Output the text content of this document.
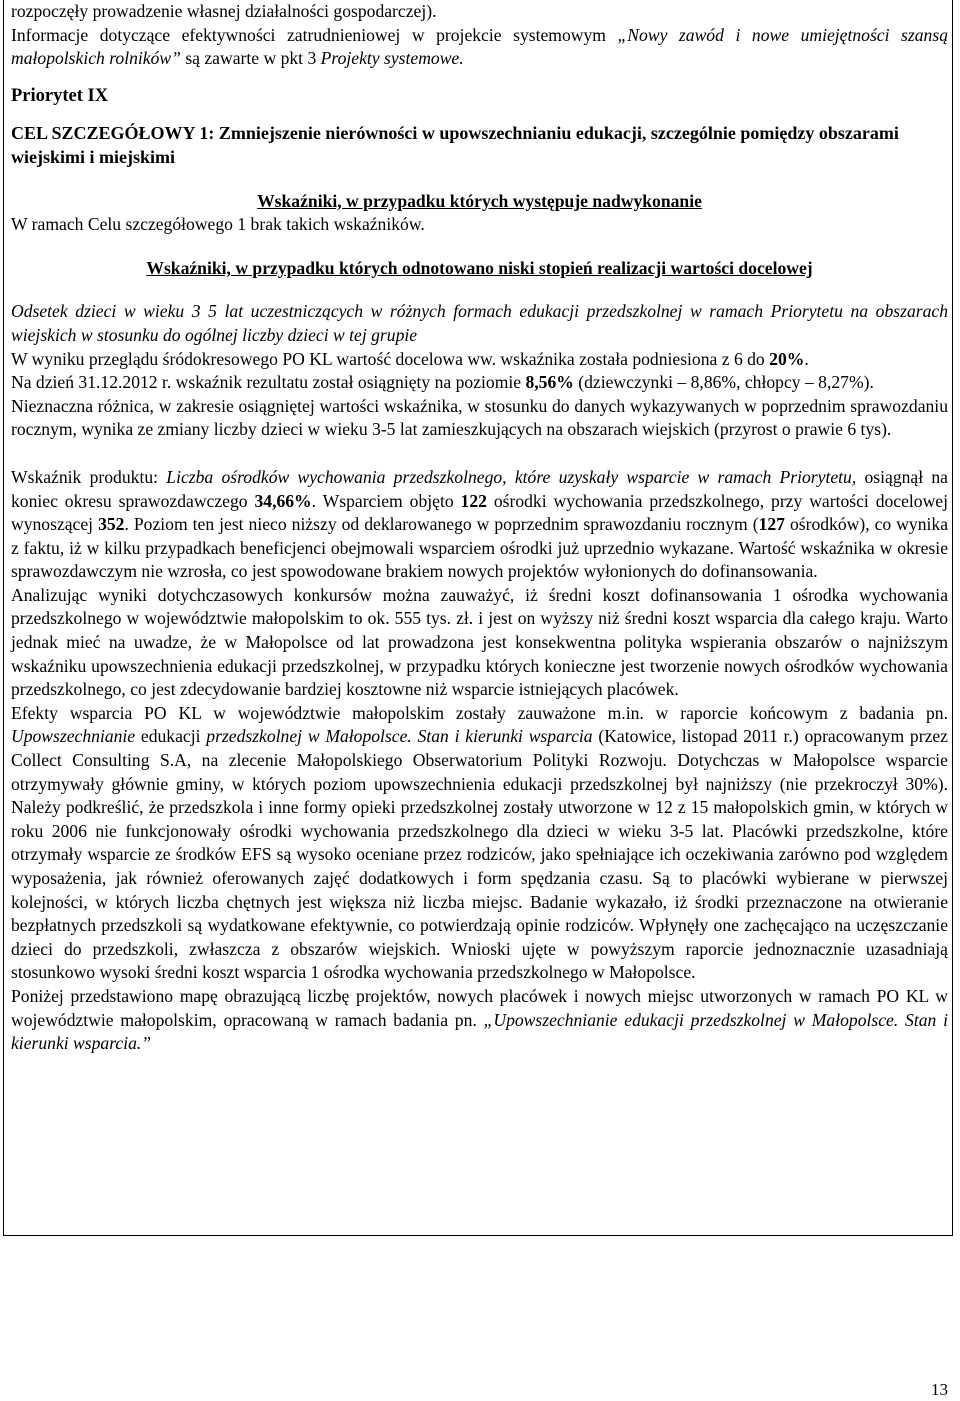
rozpoczęły prowadzenie własnej działalności gospodarczej).

Informacje dotyczące efektywności zatrudnieniowej w projekcie systemowym „Nowy zawód i nowe umiejętności szansą małopolskich rolników” są zawarte w pkt 3 Projekty systemowe.

Priorytet IX

CEL SZCZEGÓŁOWY 1: Zmniejszenie nierówności w upowszechnianiu edukacji, szczególnie pomiędzy obszarami wiejskimi i miejskimi

Wskaźniki, w przypadku których występuje nadwykonanie

W ramach Celu szczegółowego 1 brak takich wskaźników.

Wskaźniki, w przypadku których odnotowano niski stopień realizacji wartości docelowej

Odsetek dzieci w wieku 3 5 lat uczestniczących w różnych formach edukacji przedszkolnej w ramach Priorytetu na obszarach wiejskich w stosunku do ogólnej liczby dzieci w tej grupie

W wyniku przeglądu śródokresowego PO KL wartość docelowa ww. wskaźnika została podniesiona z 6 do 20%.

Na dzień 31.12.2012 r. wskaźnik rezultatu został osiągnięty na poziomie 8,56% (dziewczynki – 8,86%, chłopcy – 8,27%).

Nieznaczna różnica, w zakresie osiągniętej wartości wskaźnika, w stosunku do danych wykazywanych w poprzednim sprawozdaniu rocznym, wynika ze zmiany liczby dzieci w wieku 3-5 lat zamieszkujących na obszarach wiejskich (przyrost o prawie 6 tys).

Wskaźnik produktu: Liczba ośrodków wychowania przedszkolnego, które uzyskały wsparcie w ramach Priorytetu, osiągnął na koniec okresu sprawozdawczego 34,66%. Wsparciem objęto 122 ośrodki wychowania przedszkolnego, przy wartości docelowej wynoszącej 352. Poziom ten jest nieco niższy od deklarowanego w poprzednim sprawozdaniu rocznym (127 ośrodków), co wynika z faktu, iż w kilku przypadkach beneficjenci obejmowali wsparciem ośrodki już uprzednio wykazane. Wartość wskaźnika w okresie sprawozdawczym nie wzrosła, co jest spowodowane brakiem nowych projektów wyłonionych do dofinansowania.

Analizując wyniki dotychczasowych konkursów można zauważyć, iż średni koszt dofinansowania 1 ośrodka wychowania przedszkolnego w województwie małopolskim to ok. 555 tys. zł. i jest on wyższy niż średni koszt wsparcia dla całego kraju. Warto jednak mieć na uwadze, że w Małopolsce od lat prowadzona jest konsekwentna polityka wspierania obszarów o najniższym wskaźniku upowszechnienia edukacji przedszkolnej, w przypadku których konieczne jest tworzenie nowych ośrodków wychowania przedszkolnego, co jest zdecydowanie bardziej kosztowne niż wsparcie istniejących placówek.

Efekty wsparcia PO KL w województwie małopolskim zostały zauważone m.in. w raporcie końcowym z badania pn. Upowszechnianie edukacji przedszkolnej w Małopolsce. Stan i kierunki wsparcia (Katowice, listopad 2011 r.) opracowanym przez Collect Consulting S.A, na zlecenie Małopolskiego Obserwatorium Polityki Rozwoju. Dotychczas w Małopolsce wsparcie otrzymywały głównie gminy, w których poziom upowszechnienia edukacji przedszkolnej był najniższy (nie przekroczył 30%). Należy podkreślić, że przedszkola i inne formy opieki przedszkolnej zostały utworzone w 12 z 15 małopolskich gmin, w których w roku 2006 nie funkcjonowały ośrodki wychowania przedszkolnego dla dzieci w wieku 3-5 lat. Placówki przedszkolne, które otrzymały wsparcie ze środków EFS są wysoko oceniane przez rodziców, jako spełniające ich oczekiwania zarówno pod względem wyposażenia, jak również oferowanych zajęć dodatkowych i form spędzania czasu. Są to placówki wybierane w pierwszej kolejności, w których liczba chętnych jest większa niż liczba miejsc. Badanie wykazało, iż środki przeznaczone na otwieranie bezpłatnych przedszkoli są wydatkowane efektywnie, co potwierdzają opinie rodziców. Wpłynęły one zachęcająco na uczęszczanie dzieci do przedszkoli, zwłaszcza z obszarów wiejskich. Wnioski ujęte w powyższym raporcie jednoznacznie uzasadniają stosunkowo wysoki średni koszt wsparcia 1 ośrodka wychowania przedszkolnego w Małopolsce.

Poniżej przedstawiono mapę obrazującą liczbę projektów, nowych placówek i nowych miejsc utworzonych w ramach PO KL w województwie małopolskim, opracowaną w ramach badania pn. „Upowszechnianie edukacji przedszkolnej w Małopolsce. Stan i kierunki wsparcia.”

13
